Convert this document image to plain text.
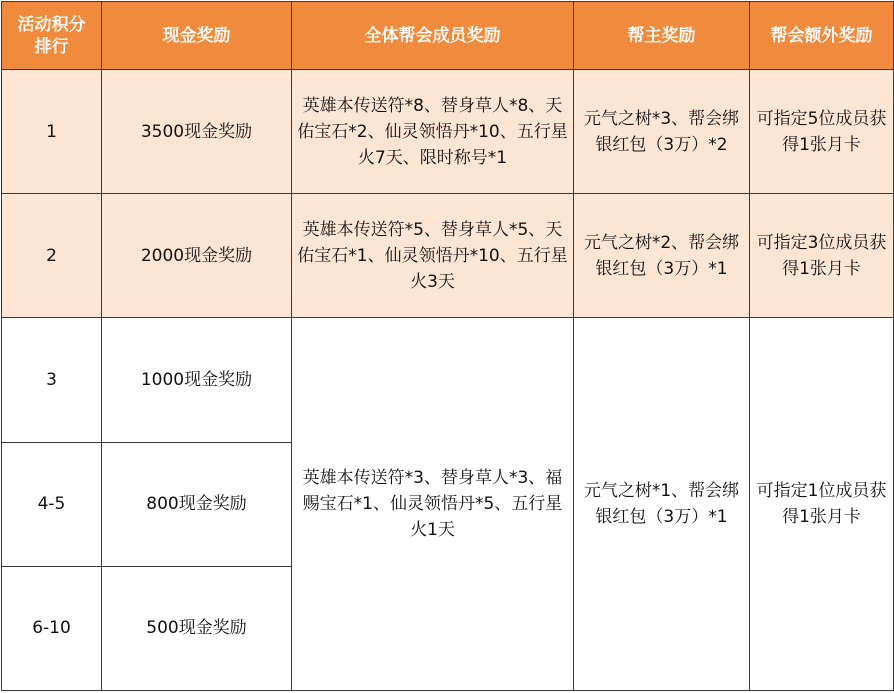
活动积分排行	现金奖励	全体帮会成员奖励	帮主奖励	帮会额外奖励
1	3500现金奖励	英雄本传送符*8、替身草人*8、天佑宝石*2、仙灵领悟丹*10、五行星火7天、限时称号*1	元气之树*3、帮会绑银红包（3万）*2	可指定5位成员获得1张月卡
2	2000现金奖励	英雄本传送符*5、替身草人*5、天佑宝石*1、仙灵领悟丹*10、五行星火3天	元气之树*2、帮会绑银红包（3万）*1	可指定3位成员获得1张月卡
3	1000现金奖励	英雄本传送符*3、替身草人*3、福赐宝石*1、仙灵领悟丹*5、五行星火1天	元气之树*1、帮会绑银红包（3万）*1	可指定1位成员获得1张月卡
4-5	800现金奖励			
6-10	500现金奖励			
